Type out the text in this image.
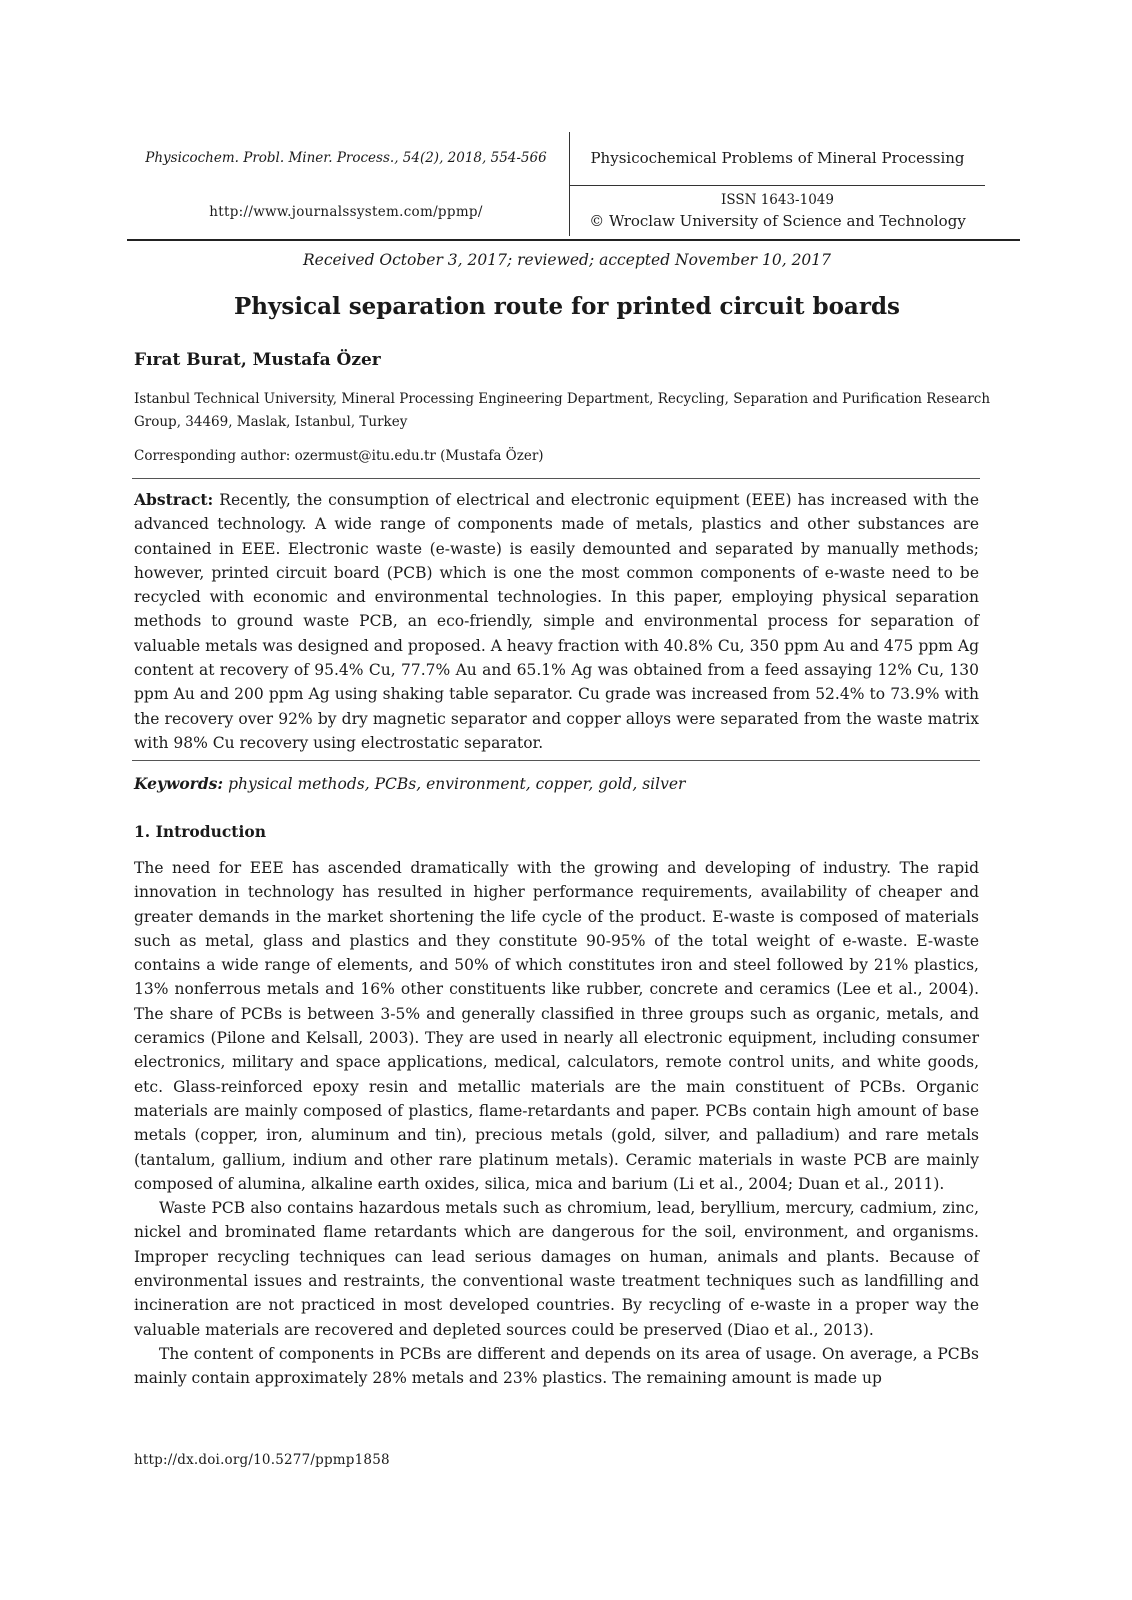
Physicochem. Probl. Miner. Process., 54(2), 2018, 554-566
http://www.journalssystem.com/ppmp/
Physicochemical Problems of Mineral Processing
ISSN 1643-1049
© Wroclaw University of Science and Technology
Received October 3, 2017; reviewed; accepted November 10, 2017
Physical separation route for printed circuit boards
Fırat Burat, Mustafa Özer
Istanbul Technical University, Mineral Processing Engineering Department, Recycling, Separation and Purification Research Group, 34469, Maslak, Istanbul, Turkey
Corresponding author: ozermust@itu.edu.tr (Mustafa Özer)
Abstract: Recently, the consumption of electrical and electronic equipment (EEE) has increased with the advanced technology. A wide range of components made of metals, plastics and other substances are contained in EEE. Electronic waste (e-waste) is easily demounted and separated by manually methods; however, printed circuit board (PCB) which is one the most common components of e-waste need to be recycled with economic and environmental technologies. In this paper, employing physical separation methods to ground waste PCB, an eco-friendly, simple and environmental process for separation of valuable metals was designed and proposed. A heavy fraction with 40.8% Cu, 350 ppm Au and 475 ppm Ag content at recovery of 95.4% Cu, 77.7% Au and 65.1% Ag was obtained from a feed assaying 12% Cu, 130 ppm Au and 200 ppm Ag using shaking table separator. Cu grade was increased from 52.4% to 73.9% with the recovery over 92% by dry magnetic separator and copper alloys were separated from the waste matrix with 98% Cu recovery using electrostatic separator.
Keywords: physical methods, PCBs, environment, copper, gold, silver
1. Introduction

The need for EEE has ascended dramatically with the growing and developing of industry. The rapid innovation in technology has resulted in higher performance requirements, availability of cheaper and greater demands in the market shortening the life cycle of the product. E-waste is composed of materials such as metal, glass and plastics and they constitute 90-95% of the total weight of e-waste. E-waste contains a wide range of elements, and 50% of which constitutes iron and steel followed by 21% plastics, 13% nonferrous metals and 16% other constituents like rubber, concrete and ceramics (Lee et al., 2004). The share of PCBs is between 3-5% and generally classified in three groups such as organic, metals, and ceramics (Pilone and Kelsall, 2003). They are used in nearly all electronic equipment, including consumer electronics, military and space applications, medical, calculators, remote control units, and white goods, etc. Glass-reinforced epoxy resin and metallic materials are the main constituent of PCBs. Organic materials are mainly composed of plastics, flame-retardants and paper. PCBs contain high amount of base metals (copper, iron, aluminum and tin), precious metals (gold, silver, and palladium) and rare metals (tantalum, gallium, indium and other rare platinum metals). Ceramic materials in waste PCB are mainly composed of alumina, alkaline earth oxides, silica, mica and barium (Li et al., 2004; Duan et al., 2011).

Waste PCB also contains hazardous metals such as chromium, lead, beryllium, mercury, cadmium, zinc, nickel and brominated flame retardants which are dangerous for the soil, environment, and organisms. Improper recycling techniques can lead serious damages on human, animals and plants. Because of environmental issues and restraints, the conventional waste treatment techniques such as landfilling and incineration are not practiced in most developed countries. By recycling of e-waste in a proper way the valuable materials are recovered and depleted sources could be preserved (Diao et al., 2013).

The content of components in PCBs are different and depends on its area of usage. On average, a PCBs mainly contain approximately 28% metals and 23% plastics. The remaining amount is made up

http://dx.doi.org/10.5277/ppmp1858
